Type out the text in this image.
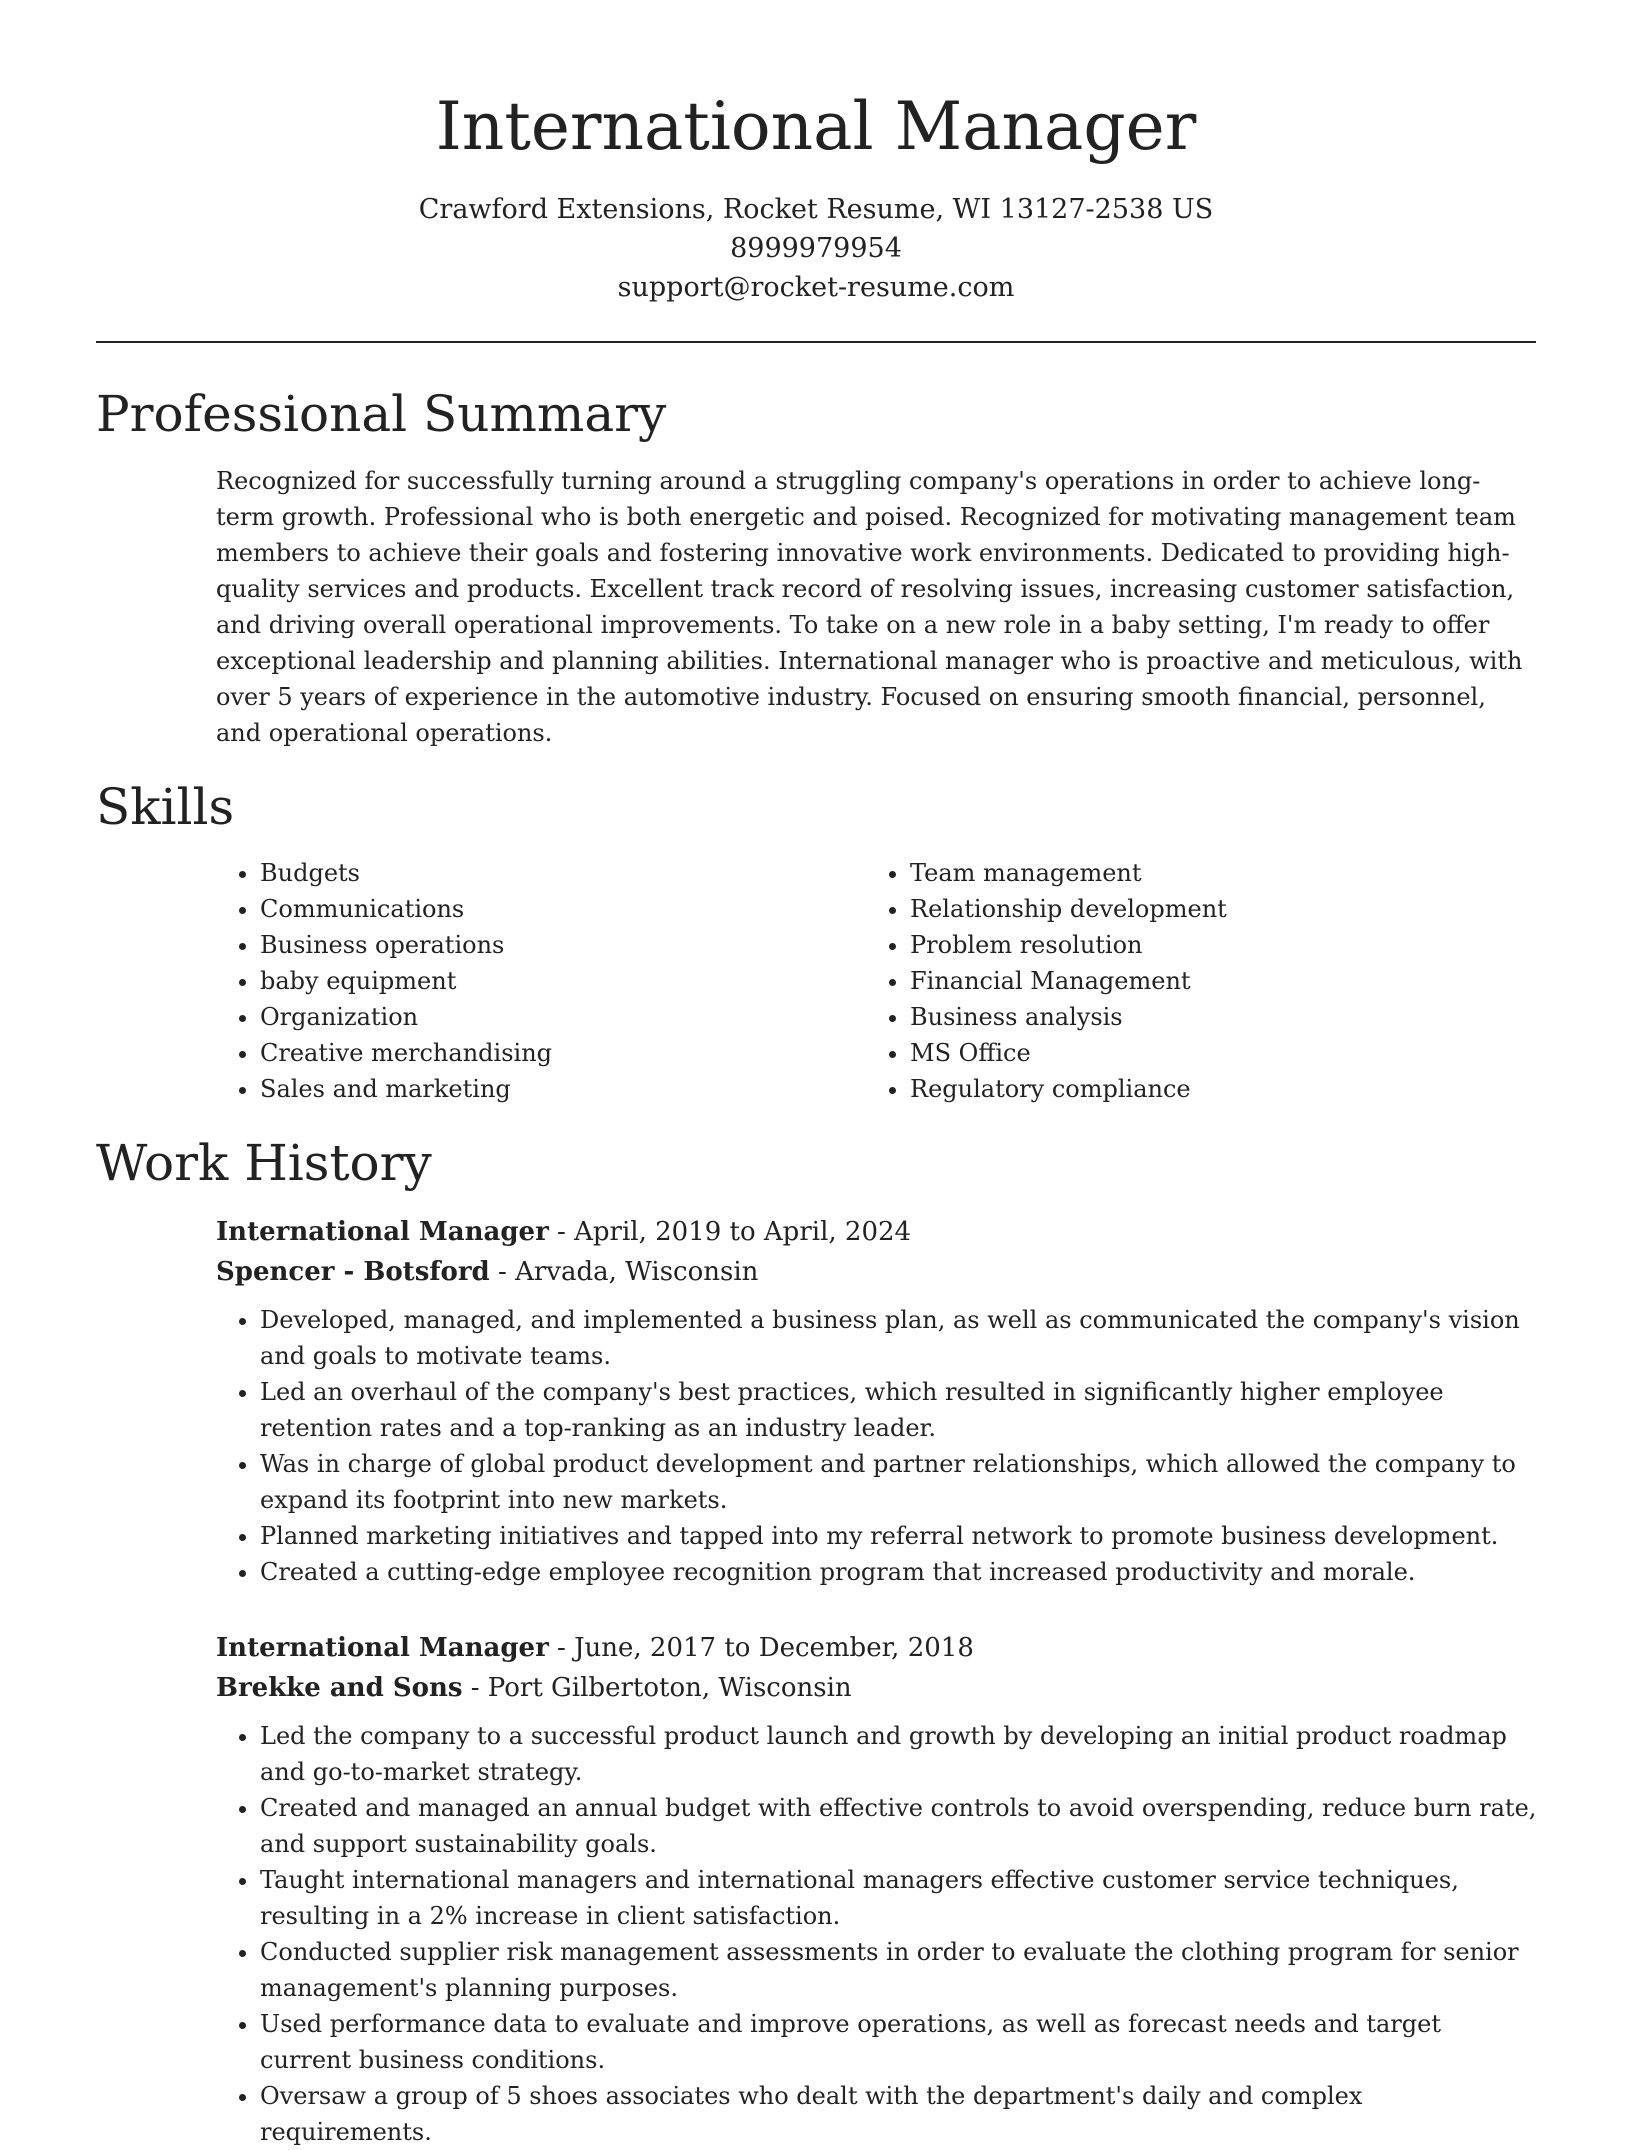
International Manager
Crawford Extensions, Rocket Resume, WI 13127-2538 US
8999979954
support@rocket-resume.com
Professional Summary

Recognized for successfully turning around a struggling company's operations in order to achieve long-term growth. Professional who is both energetic and poised. Recognized for motivating management team members to achieve their goals and fostering innovative work environments. Dedicated to providing high-quality services and products. Excellent track record of resolving issues, increasing customer satisfaction, and driving overall operational improvements. To take on a new role in a baby setting, I'm ready to offer exceptional leadership and planning abilities. International manager who is proactive and meticulous, with over 5 years of experience in the automotive industry. Focused on ensuring smooth financial, personnel, and operational operations.

Skills
• Budgets
• Communications
• Business operations
• baby equipment
• Organization
• Creative merchandising
• Sales and marketing
• Team management
• Relationship development
• Problem resolution
• Financial Management
• Business analysis
• MS Office
• Regulatory compliance
Work History
International Manager - April, 2019 to April, 2024
Spencer - Botsford - Arvada, Wisconsin
• Developed, managed, and implemented a business plan, as well as communicated the company's vision and goals to motivate teams.
• Led an overhaul of the company's best practices, which resulted in significantly higher employee retention rates and a top-ranking as an industry leader.
• Was in charge of global product development and partner relationships, which allowed the company to expand its footprint into new markets.
• Planned marketing initiatives and tapped into my referral network to promote business development.
• Created a cutting-edge employee recognition program that increased productivity and morale.
International Manager - June, 2017 to December, 2018
Brekke and Sons - Port Gilbertoton, Wisconsin
• Led the company to a successful product launch and growth by developing an initial product roadmap and go-to-market strategy.
• Created and managed an annual budget with effective controls to avoid overspending, reduce burn rate, and support sustainability goals.
• Taught international managers and international managers effective customer service techniques, resulting in a 2% increase in client satisfaction.
• Conducted supplier risk management assessments in order to evaluate the clothing program for senior management's planning purposes.
• Used performance data to evaluate and improve operations, as well as forecast needs and target current business conditions.
• Oversaw a group of 5 shoes associates who dealt with the department's daily and complex requirements.
